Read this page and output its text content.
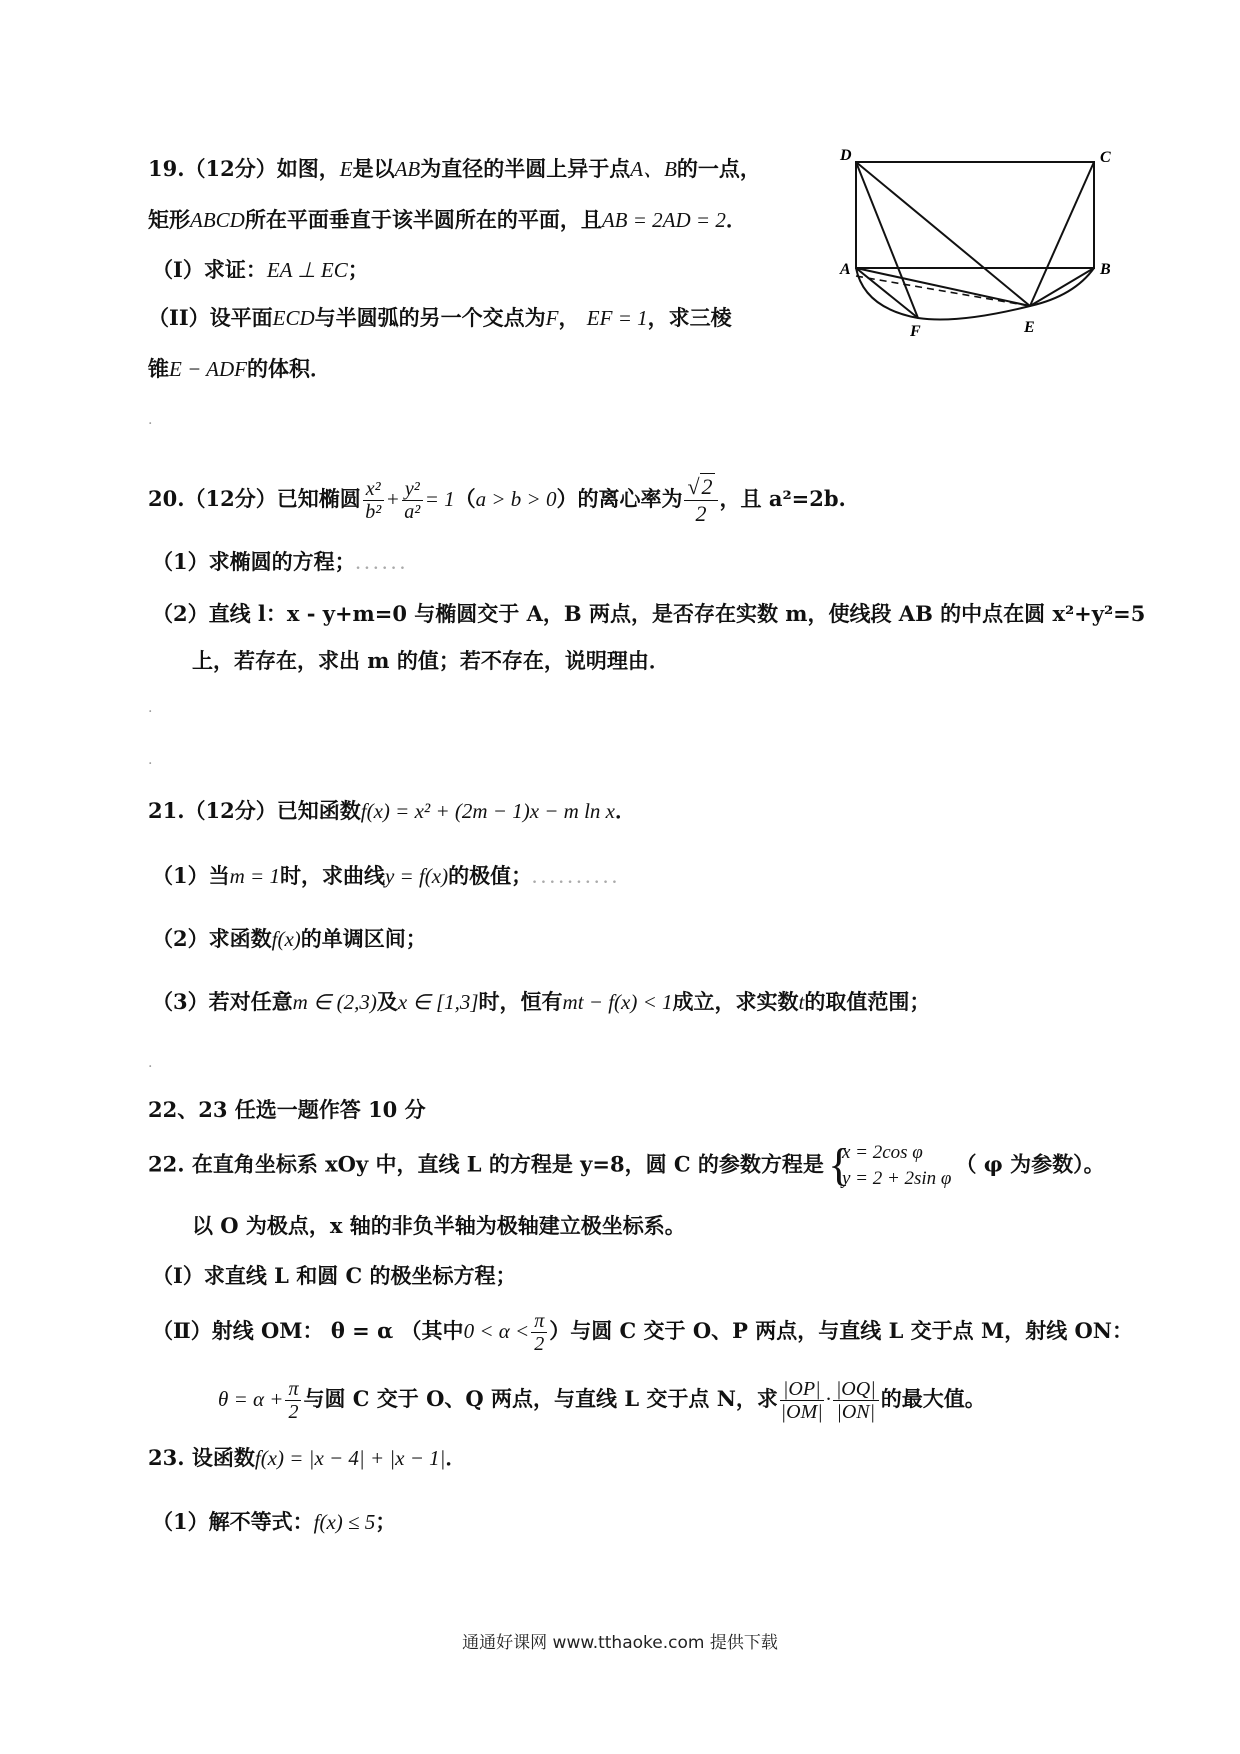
19.（12分）如图，E是以AB为直径的半圆上异于点A、B的一点，
矩形ABCD所在平面垂直于该半圆所在的平面，且AB = 2AD = 2．
（I）求证：EA ⊥ EC；
（II）设平面ECD与半圆弧的另一个交点为F， EF = 1，求三棱
锥E − ADF的体积．
D	C
A	B
F	E
20.（12分）已知椭圆 $\frac{\text{x²}}{\text{b²}} + \frac{\text{y²}}{\text{a²}} = 1(a > b > 0)$的离心率为 $\frac{√2}{2}$ ，且 a²=2b.
（1）求椭圆的方程；......
（2）直线 l：x - y+m=0 与椭圆交于 A，B 两点，是否存在实数 m，使线段 AB 的中点在圆 x²+y²=5
上，若存在，求出 m 的值；若不存在，说明理由．
21.（12分）已知函数f(x) = x² + (2m − 1)x − m ln x．
（1）当m = 1时，求曲线y = f(x)的极值；..........
（2）求函数f(x)的单调区间；
（3）若对任意m ∈ (2,3)及x ∈ [1,3]时，恒有mt − f(x) < 1成立，求实数t的取值范围；
22、23 任选一题作答 10 分
22. 在直角坐标系 xOy 中，直线 L 的方程是 y=8，圆 C 的参数方程是 {
x = 2cos φ
y = 2 + 2sin φ
（ φ 为参数）。
以 O 为极点，x 轴的非负半轴为极轴建立极坐标系。
（Ⅰ）求直线 L 和圆 C 的极坐标方程；
（Ⅱ）射线 OM： θ = α （其中$0 < \alpha < \frac{\pi}{2}$ ）与圆 C 交于 O、P 两点，与直线 L 交于点 M，射线 ON：
$\theta = \alpha + \frac{\pi}{2}$ 与圆 C 交于 O、Q 两点，与直线 L 交于点 N，求 $\frac{|OP|}{|OM|} \cdot \frac{|OQ|}{|ON|}$ 的最大值。
23. 设函数f(x) = |x − 4| + |x − 1|．
（1）解不等式：f(x) ≤ 5；
.
.
.
.
通通好课网 www.tthaoke.com 提供下载
